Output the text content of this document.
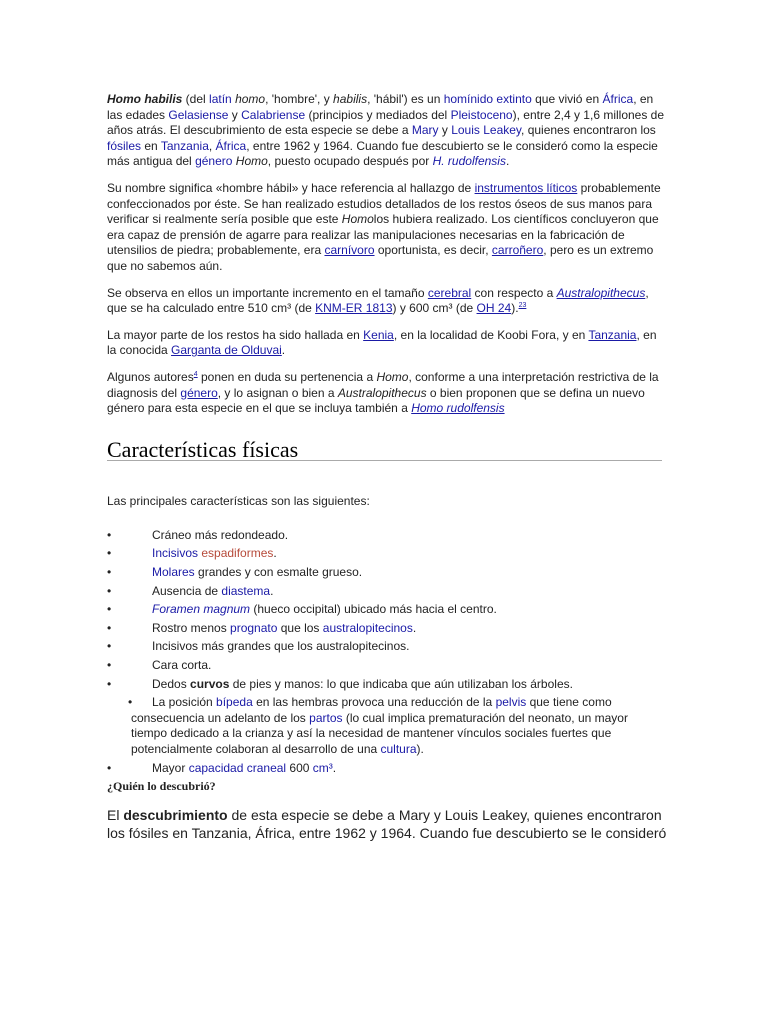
Homo habilis (del latín homo, 'hombre', y habilis, 'hábil') es un homínido extinto que vivió en África, en las edades Gelasiense y Calabriense (principios y mediados del Pleistoceno), entre 2,4 y 1,6 millones de años atrás. El descubrimiento de esta especie se debe a Mary y Louis Leakey, quienes encontraron los fósiles en Tanzania, África, entre 1962 y 1964. Cuando fue descubierto se le consideró como la especie más antigua del género Homo, puesto ocupado después por H. rudolfensis.

Su nombre significa «hombre hábil» y hace referencia al hallazgo de instrumentos líticos probablemente confeccionados por éste. Se han realizado estudios detallados de los restos óseos de sus manos para verificar si realmente sería posible que este Homolos hubiera realizado. Los científicos concluyeron que era capaz de prensión de agarre para realizar las manipulaciones necesarias en la fabricación de utensilios de piedra; probablemente, era carnívoro oportunista, es decir, carroñero, pero es un extremo que no sabemos aún.

Se observa en ellos un importante incremento en el tamaño cerebral con respecto a Australopithecus, que se ha calculado entre 510 cm³ (de KNM-ER 1813) y 600 cm³ (de OH 24).$^{23}$

La mayor parte de los restos ha sido hallada en Kenia, en la localidad de Koobi Fora, y en Tanzania, en la conocida Garganta de Olduvai.

Algunos autores$^4$ ponen en duda su pertenencia a Homo, conforme a una interpretación restrictiva de la diagnosis del género, y lo asignan o bien a Australopithecus o bien proponen que se defina un nuevo género para esta especie en el que se incluya también a Homo rudolfensis

Características físicas

Las principales características son las siguientes:

•	Cráneo más redondeado.
•	Incisivos espadiformes.
•	Molares grandes y con esmalte grueso.
•	Ausencia de diastema.
•	Foramen magnum (hueco occipital) ubicado más hacia el centro.
•	Rostro menos prognato que los australopitecinos.
•	Incisivos más grandes que los australopitecinos.
•	Cara corta.
•	Dedos curvos de pies y manos: lo que indicaba que aún utilizaban los árboles.
• La posición bípeda en las hembras provoca una reducción de la pelvis que tiene como consecuencia un adelanto de los partos (lo cual implica prematuración del neonato, un mayor tiempo dedicado a la crianza y así la necesidad de mantener vínculos sociales fuertes que potencialmente colaboran al desarrollo de una cultura).
•	Mayor capacidad craneal 600 cm³.

¿Quién lo descubrió?

El descubrimiento de esta especie se debe a Mary y Louis Leakey, quienes encontraron los fósiles en Tanzania, África, entre 1962 y 1964. Cuando fue descubierto se le consideró
